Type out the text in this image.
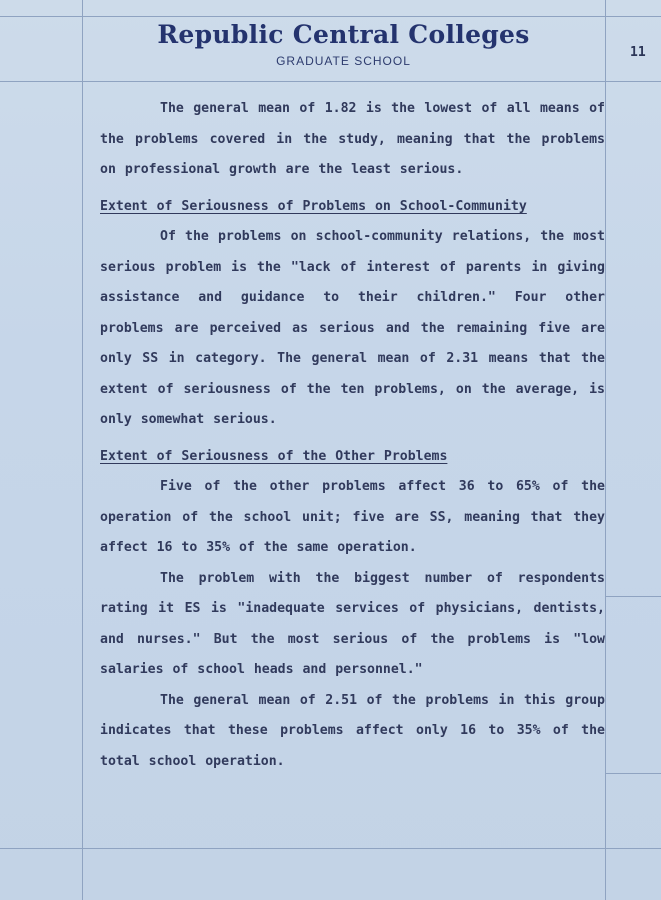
Republic Central Colleges
GRADUATE SCHOOL
11

The general mean of 1.82 is the lowest of all means of the problems covered in the study, meaning that the problems on professional growth are the least serious.

Extent of Seriousness of Problems on School-Community

Of the problems on school-community relations, the most serious problem is the "lack of interest of parents in giving assistance and guidance to their children." Four other problems are perceived as serious and the remaining five are only SS in category. The general mean of 2.31 means that the extent of seriousness of the ten problems, on the average, is only somewhat serious.

Extent of Seriousness of the Other Problems

Five of the other problems affect 36 to 65% of the operation of the school unit; five are SS, meaning that they affect 16 to 35% of the same operation.

The problem with the biggest number of respondents rating it ES is "inadequate services of physicians, dentists, and nurses." But the most serious of the problems is "low salaries of school heads and personnel."

The general mean of 2.51 of the problems in this group indicates that these problems affect only 16 to 35% of the total school operation.
